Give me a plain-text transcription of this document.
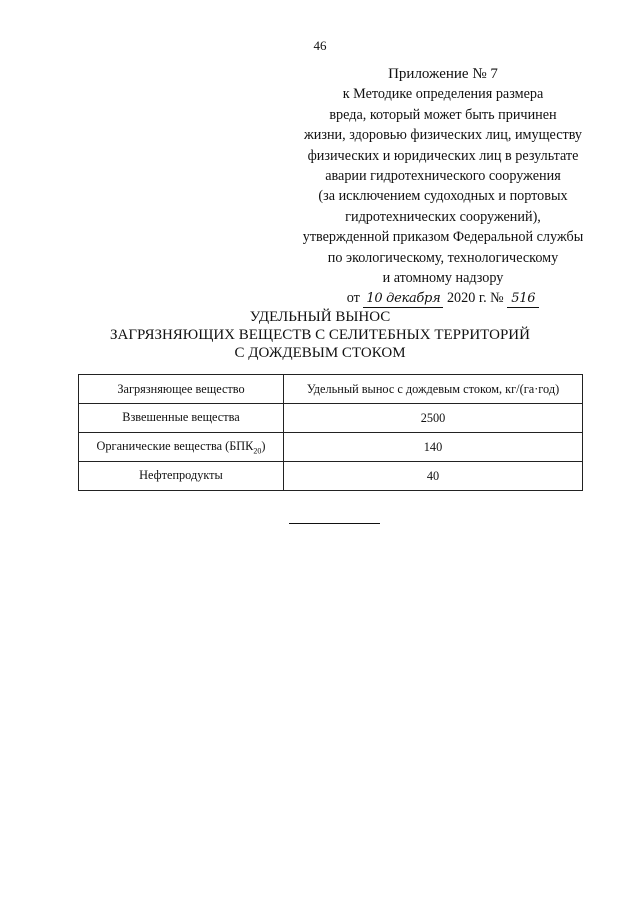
46
Приложение № 7
к Методике определения размера
вреда, который может быть причинен
жизни, здоровью физических лиц, имуществу
физических и юридических лиц в результате
аварии гидротехнического сооружения
(за исключением судоходных и портовых
гидротехнических сооружений),
утвержденной приказом Федеральной службы
по экологическому, технологическому
и атомному надзору
от 10 декабря 2020 г. № 516
УДЕЛЬНЫЙ ВЫНОС
ЗАГРЯЗНЯЮЩИХ ВЕЩЕСТВ С СЕЛИТЕБНЫХ ТЕРРИТОРИЙ
С ДОЖДЕВЫМ СТОКОМ
Загрязняющее вещество	Удельный вынос с дождевым стоком, кг/(га·год)
Взвешенные вещества	2500
Органические вещества $(БПК_{20})$	140
Нефтепродукты	40
